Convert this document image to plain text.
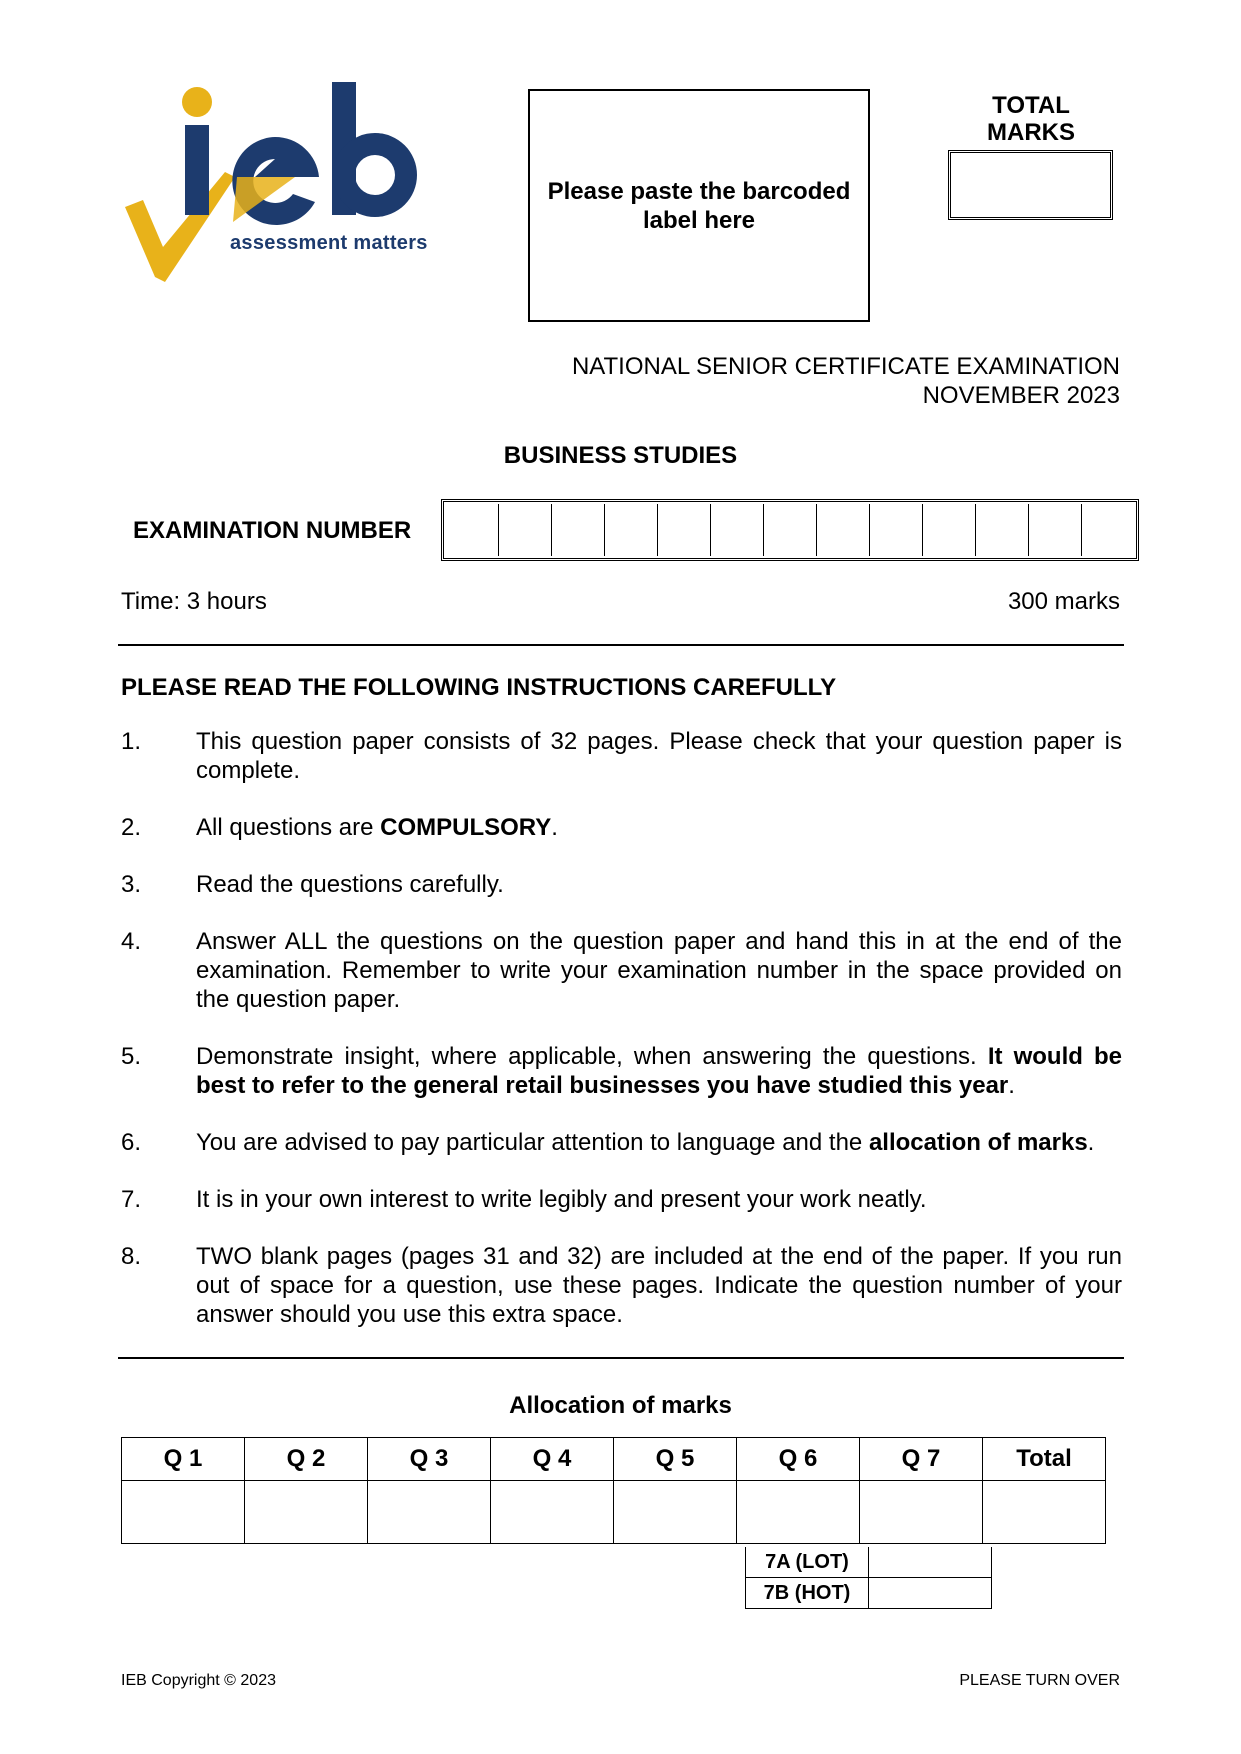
assessment matters
Please paste the barcoded label here
TOTAL
MARKS
NATIONAL SENIOR CERTIFICATE EXAMINATION
NOVEMBER 2023
BUSINESS STUDIES
EXAMINATION NUMBER
Time: 3 hours	300 marks
PLEASE READ THE FOLLOWING INSTRUCTIONS CAREFULLY
1. This question paper consists of 32 pages. Please check that your question paper is complete.
2. All questions are COMPULSORY.
3. Read the questions carefully.
4. Answer ALL the questions on the question paper and hand this in at the end of the examination. Remember to write your examination number in the space provided on the question paper.
5. Demonstrate insight, where applicable, when answering the questions. It would be best to refer to the general retail businesses you have studied this year.
6. You are advised to pay particular attention to language and the allocation of marks.
7. It is in your own interest to write legibly and present your work neatly.
8. TWO blank pages (pages 31 and 32) are included at the end of the paper. If you run out of space for a question, use these pages. Indicate the question number of your answer should you use this extra space.
Allocation of marks
Q 1	Q 2	Q 3	Q 4	Q 5	Q 6	Q 7	Total

7A (LOT)	
7B (HOT)	
IEB Copyright © 2023	PLEASE TURN OVER
